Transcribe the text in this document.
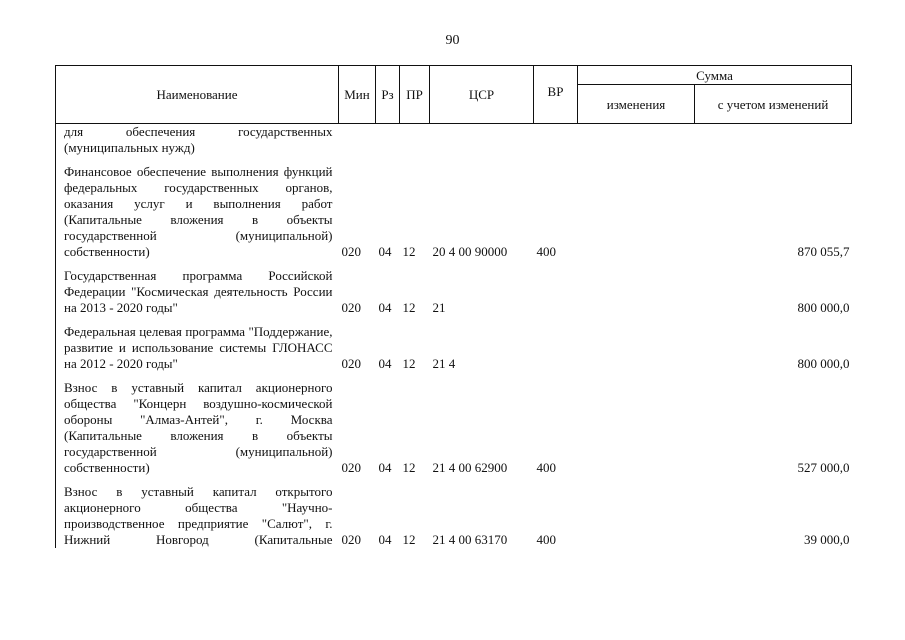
90
Наименование	Мин	Рз	ПР	ЦСР	ВР	Сумма	
						изменения	с учетом изменений
для обеспечения государственных (муниципальных нужд)							

Финансовое обеспечение выполнения функций федеральных государственных органов, оказания услуг и выполнения работ (Капитальные вложения в объекты государственной (муниципальной) собственности)	020	04	12	20 4 00 90000	400		870 055,7

Государственная программа Российской Федерации "Космическая деятельность России на 2013 - 2020 годы"	020	04	12	21			800 000,0

Федеральная целевая программа "Поддержание, развитие и использование системы ГЛОНАСС на 2012 - 2020 годы"	020	04	12	21 4			800 000,0

Взнос в уставный капитал акционерного общества "Концерн воздушно-космической обороны "Алмаз-Антей", г. Москва (Капитальные вложения в объекты государственной (муниципальной) собственности)	020	04	12	21 4 00 62900	400		527 000,0

Взнос в уставный капитал открытого акционерного общества "Научно-производственное предприятие "Салют", г. Нижний Новгород (Капитальные	020	04	12	21 4 00 63170	400		39 000,0
